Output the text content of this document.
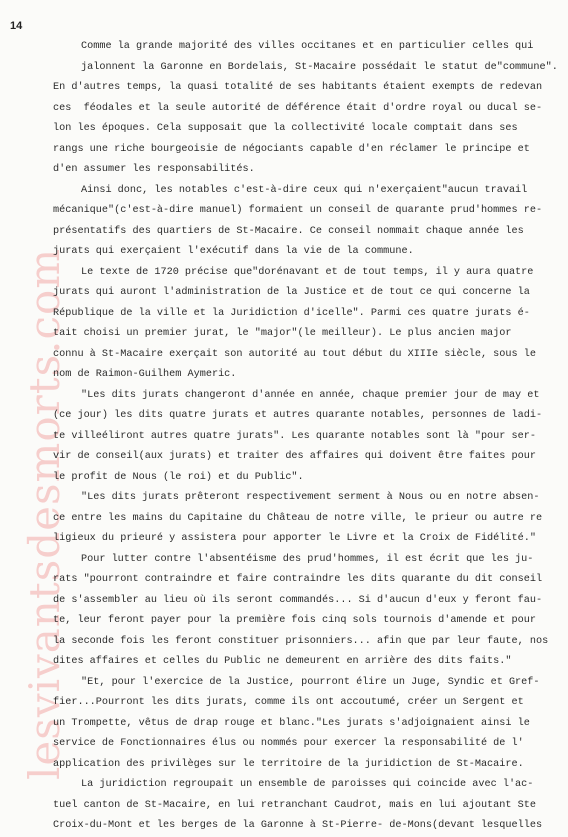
14
lesvivantsdesmorts.com
Comme la grande majorité des villes occitanes et en particulier celles qui
jalonnent la Garonne en Bordelais, St-Macaire possédait le statut de"commune".
En d'autres temps, la quasi totalité de ses habitants étaient exempts de redevan
ces  féodales et la seule autorité de déférence était d'ordre royal ou ducal se-
lon les époques. Cela supposait que la collectivité locale comptait dans ses
rangs une riche bourgeoisie de négociants capable d'en réclamer le principe et
d'en assumer les responsabilités.
Ainsi donc, les notables c'est-à-dire ceux qui n'exerçaient"aucun travail
mécanique"(c'est-à-dire manuel) formaient un conseil de quarante prud'hommes re-
présentatifs des quartiers de St-Macaire. Ce conseil nommait chaque année les
jurats qui exerçaient l'exécutif dans la vie de la commune.
Le texte de 1720 précise que"dorénavant et de tout temps, il y aura quatre
jurats qui auront l'administration de la Justice et de tout ce qui concerne la
République de la ville et la Juridiction d'icelle". Parmi ces quatre jurats é-
tait choisi un premier jurat, le "major"(le meilleur). Le plus ancien major
connu à St-Macaire exerçait son autorité au tout début du XIIIe siècle, sous le
nom de Raimon-Guilhem Aymeric.
"Les dits jurats changeront d'année en année, chaque premier jour de may et
(ce jour) les dits quatre jurats et autres quarante notables, personnes de ladi-
te villeéliront autres quatre jurats". Les quarante notables sont là "pour ser-
vir de conseil(aux jurats) et traiter des affaires qui doivent être faites pour
le profit de Nous (le roi) et du Public".
"Les dits jurats prêteront respectivement serment à Nous ou en notre absen-
ce entre les mains du Capitaine du Château de notre ville, le prieur ou autre re
ligieux du prieuré y assistera pour apporter le Livre et la Croix de Fidélité."
Pour lutter contre l'absentéisme des prud'hommes, il est écrit que les ju-
rats "pourront contraindre et faire contraindre les dits quarante du dit conseil
de s'assembler au lieu où ils seront commandés... Si d'aucun d'eux y feront fau-
te, leur feront payer pour la première fois cinq sols tournois d'amende et pour
la seconde fois les feront constituer prisonniers... afin que par leur faute, nos
dites affaires et celles du Public ne demeurent en arrière des dits faits."
"Et, pour l'exercice de la Justice, pourront élire un Juge, Syndic et Gref-
fier...Pourront les dits jurats, comme ils ont accoutumé, créer un Sergent et
un Trompette, vêtus de drap rouge et blanc."Les jurats s'adjoignaient ainsi le
service de Fonctionnaires élus ou nommés pour exercer la responsabilité de l'
application des privilèges sur le territoire de la juridiction de St-Macaire.
La juridiction regroupait un ensemble de paroisses qui coincide avec l'ac-
tuel canton de St-Macaire, en lui retranchant Caudrot, mais en lui ajoutant Ste
Croix-du-Mont et les berges de la Garonne à St-Pierre- de-Mons(devant lesquelles
